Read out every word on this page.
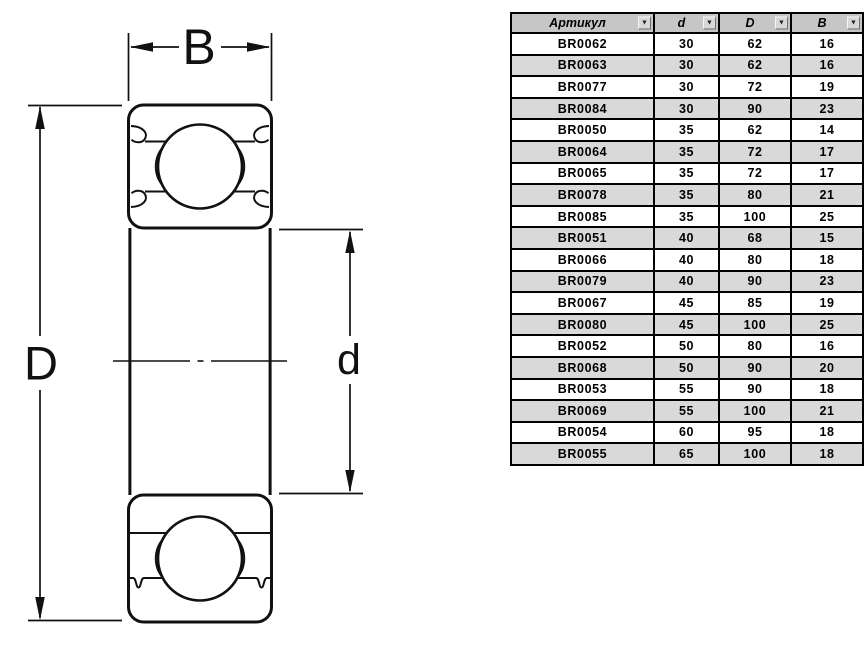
B
D	d
Артикул ▼	d ▼	D ▼	B ▼

BR0062	30	62	16
BR0063	30	62	16
BR0077	30	72	19
BR0084	30	90	23
BR0050	35	62	14
BR0064	35	72	17
BR0065	35	72	17
BR0078	35	80	21
BR0085	35	100	25
BR0051	40	68	15
BR0066	40	80	18
BR0079	40	90	23
BR0067	45	85	19
BR0080	45	100	25
BR0052	50	80	16
BR0068	50	90	20
BR0053	55	90	18
BR0069	55	100	21
BR0054	60	95	18
BR0055	65	100	18
